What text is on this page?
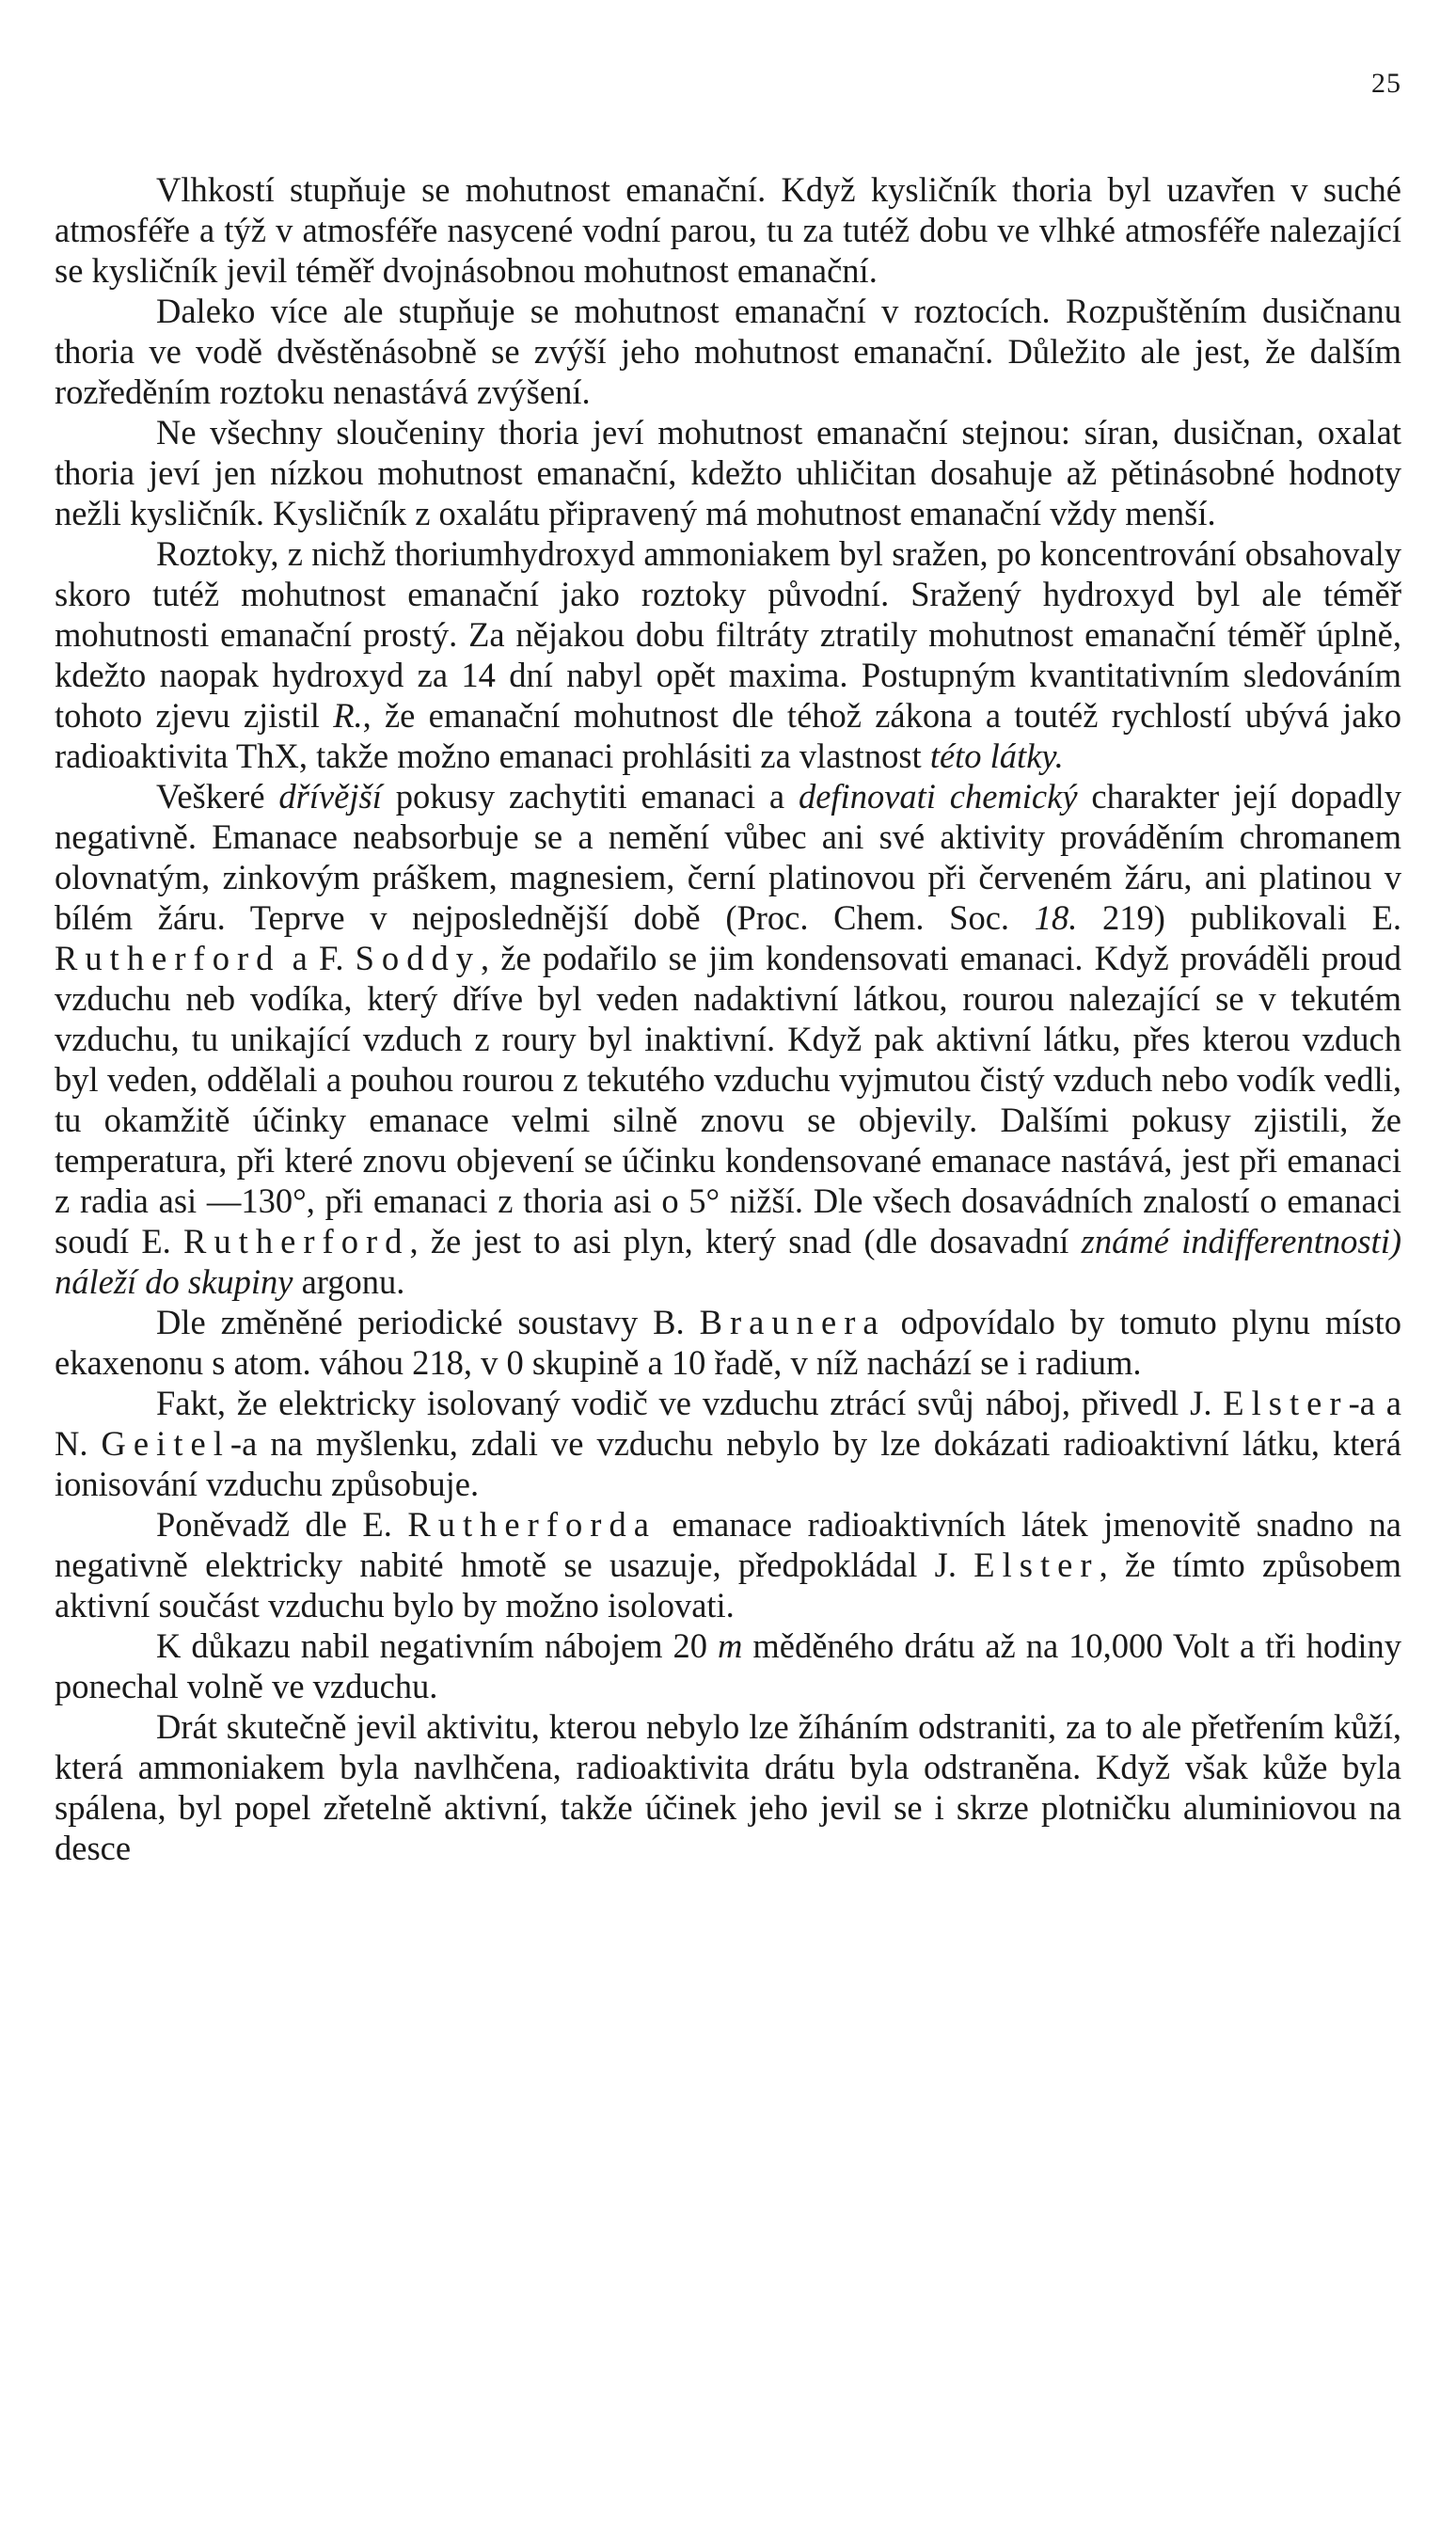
25

Vlhkostí stupňuje se mohutnost emanační. Když kysličník thoria byl uzavřen v suché atmosféře a týž v atmosféře nasycené vodní parou, tu za tutéž dobu ve vlhké atmosféře nalezající se kysličník jevil téměř dvojnásobnou mohutnost emanační.

Daleko více ale stupňuje se mohutnost emanační v roztocích. Rozpuštěním dusičnanu thoria ve vodě dvěstěnásobně se zvýší jeho mohutnost emanační. Důležito ale jest, že dalším rozředěním roztoku nenastává zvýšení.

Ne všechny sloučeniny thoria jeví mohutnost emanační stejnou: síran, dusičnan, oxalat thoria jeví jen nízkou mohutnost emanační, kdežto uhličitan dosahuje až pětinásobné hodnoty nežli kysličník. Kysličník z oxalátu připravený má mohutnost emanační vždy menší.

Roztoky, z nichž thoriumhydroxyd ammoniakem byl sražen, po koncentrování obsahovaly skoro tutéž mohutnost emanační jako roztoky původní. Sražený hydroxyd byl ale téměř mohutnosti emanační prostý. Za nějakou dobu filtráty ztratily mohutnost emanační téměř úplně, kdežto naopak hydroxyd za 14 dní nabyl opět maxima. Postupným kvantitativním sledováním tohoto zjevu zjistil R., že emanační mohutnost dle téhož zákona a toutéž rychlostí ubývá jako radioaktivita ThX, takže možno emanaci prohlásiti za vlastnost této látky.

Veškeré dřívější pokusy zachytiti emanaci a definovati chemický charakter její dopadly negativně. Emanace neabsorbuje se a nemění vůbec ani své aktivity prováděním chromanem olovnatým, zinkovým práškem, magnesiem, černí platinovou při červeném žáru, ani platinou v bílém žáru. Teprve v nejposlednější době (Proc. Chem. Soc. 18. 219) publikovali E. Rutherford a F. Soddy, že podařilo se jim kondensovati emanaci. Když prováděli proud vzduchu neb vodíka, který dříve byl veden nadaktivní látkou, rourou nalezající se v tekutém vzduchu, tu unikající vzduch z roury byl inaktivní. Když pak aktivní látku, přes kterou vzduch byl veden, oddělali a pouhou rourou z tekutého vzduchu vyjmutou čistý vzduch nebo vodík vedli, tu okamžitě účinky emanace velmi silně znovu se objevily. Dalšími pokusy zjistili, že temperatura, při které znovu objevení se účinku kondensované emanace nastává, jest při emanaci z radia asi —130°, při emanaci z thoria asi o 5° nižší. Dle všech dosavádních znalostí o emanaci soudí E. Rutherford, že jest to asi plyn, který snad (dle dosavadní známé indifferentnosti) náleží do skupiny argonu.

Dle změněné periodické soustavy B. Braunera odpovídalo by tomuto plynu místo ekaxenonu s atom. váhou 218, v 0 skupině a 10 řadě, v níž nachází se i radium.

Fakt, že elektricky isolovaný vodič ve vzduchu ztrácí svůj náboj, přivedl J. Elster-a a N. Geitel-a na myšlenku, zdali ve vzduchu nebylo by lze dokázati radioaktivní látku, která ionisování vzduchu způsobuje.

Poněvadž dle E. Rutherforda emanace radioaktivních látek jmenovitě snadno na negativně elektricky nabité hmotě se usazuje, předpokládal J. Elster, že tímto způsobem aktivní součást vzduchu bylo by možno isolovati.

K důkazu nabil negativním nábojem 20 m měděného drátu až na 10,000 Volt a tři hodiny ponechal volně ve vzduchu.

Drát skutečně jevil aktivitu, kterou nebylo lze žíháním odstraniti, za to ale přetřením kůží, která ammoniakem byla navlhčena, radioaktivita drátu byla odstraněna. Když však kůže byla spálena, byl popel zřetelně aktivní, takže účinek jeho jevil se i skrze plotničku aluminiovou na desce
